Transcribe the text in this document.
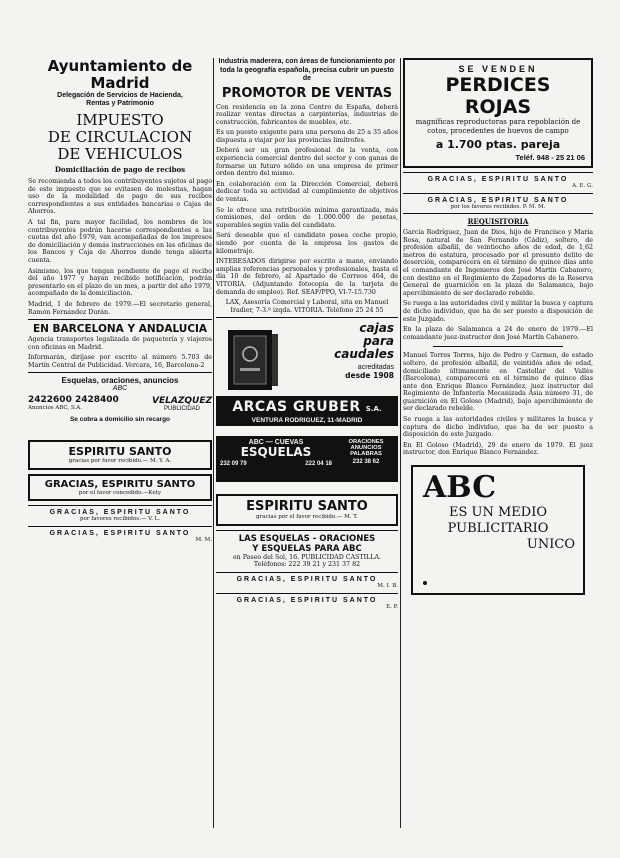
Ayuntamiento de Madrid
Delegación de Servicios de Hacienda,
Rentas y Patrimonio
IMPUESTO
DE CIRCULACION
DE VEHICULOS
Domiciliación de pago de recibos

Se recomienda a todos los contribuyentes sujetos al pago de este impuesto que se evitasen de molestias, hagan uso de la modalidad de pago de sus recibos correspondientes a sus entidades bancarias o Cajas de Ahorros.

A tal fin, para mayor facilidad, los nombres de los contribuyentes podrán hacerse correspondientes a las cuotas del año 1979, van acompañadas de los impresos de domiciliación y demás instrucciones en las oficinas de los Bancos y Caja de Ahorros donde tenga abierta cuenta.

Asimismo, los que tengan pendiente de pago el recibo del año 1977 y hayan recibido notificación, podrán presentarlo en el plazo de un mes, a partir del año 1979, acompañado de la domiciliación.

Madrid, 1 de febrero de 1979.—El secretario general, Ramón Fernández Durán.

EN BARCELONA Y ANDALUCIA

Agencia transportes legalizada de paquetería y viajeros con oficinas en Madrid.

Informarán, diríjase por escrito al número 5.703 de Martín Central de Publicidad. Vercara, 16, Barcelona-2

Esquelas, oraciones, anuncios
ABC
2422600 2428400
Anuncios ABC, S.A.
VELAZQUEZ
PUBLICIDAD
Se cobra a domicilio sin recargo
ESPIRITU SANTO
gracias por favor recibido.— M. Y. A.
GRACIAS, ESPIRITU SANTO
por el favor concedido.—Kety
GRACIAS, ESPIRITU SANTO
por favores recibidos.— V. L.
GRACIAS, ESPIRITU SANTO
M. M.
Industria maderera, con áreas de funcionamiento por toda la geografía española, precisa cubrir un puesto de
PROMOTOR DE VENTAS

Con residencia en la zona Centro de España, deberá realizar ventas directas a carpinterías, industrias de construcción, fabricantes de muebles, etc.

Es un puesto exigente para una persona de 25 a 35 años dispuesta a viajar por las provincias limítrofes.

Deberá ser un gran profesional de la venta, con experiencia comercial dentro del sector y con ganas de formarse un futuro sólido en una empresa de primer orden dentro del mismo.

En colaboración con la Dirección Comercial, deberá dedicar toda su actividad al cumplimiento de objetivos de ventas.

Se le ofrece una retribución mínima garantizada, más comisiones, del orden de 1.000.000 de pesetas, superables según valía del candidato.

Será deseable que el candidato posea coche propio, siendo por cuenta de la empresa los gastos de kilometraje.

INTERESADOS dirigirse por escrito a mano, enviando amplias referencias personales y profesionales, hasta el día 10 de febrero, al Apartado de Correos 464, de VITORIA. (Adjuntando fotocopia de la tarjeta de demanda de empleo). Ref. SEAF/PPO, VI-7-15.730

LAX, Asesoría Comercial y Laboral, sita en Manuel Iradier, 7-3.º izqda. VITORIA. Teléfono 25 24 55

cajas
para
caudales
acreditadas
desde 1908
ARCAS GRUBER S.A.
VENTURA RODRIGUEZ, 11-MADRID
ABC — CUEVAS
ESQUELAS
232 09 79	222 04 18
ORACIONES
ANUNCIOS
PALABRAS
232 38 62
ESPIRITU SANTO
gracias por el favor recibido.— M. T.
LAS ESQUELAS - ORACIONES
Y ESQUELAS PARA ABC

en Paseo del Sol, 16. PUBLICIDAD CASTILLA. Teléfonos: 222 39 21 y 231 37 82

GRACIAS, ESPIRITU SANTO
M. I. B.
GRACIAS, ESPIRITU SANTO
E. P.
SE VENDEN
PERDICES ROJAS

magníficas reproductoras para repoblación de cotos, procedentes de huevos de campo

a 1.700 ptas. pareja
Teléf. 948 - 25 21 06
GRACIAS, ESPIRITU SANTO
A. E. G.
GRACIAS, ESPIRITU SANTO
por los favores recibidos. P. M. M.
REQUISITORIA

García Rodríguez, Juan de Dios, hijo de Francisco y María Rosa, natural de San Fernando (Cádiz), soltero, de profesión albañil, de veintiocho años de edad, de 1,62 metros de estatura, procesado por el presunto delito de deserción, comparecerá en el término de quince días ante el comandante de Ingenieros don José Martín Cabanero, con destino en el Regimiento de Zapadores de la Reserva General de guarnición en la plaza de Salamanca, bajo apercibimiento de ser declarado rebelde.

Se ruega a las autoridades civil y militar la busca y captura de dicho individuo, que ha de ser puesto a disposición de este Juzgado.

En la plaza de Salamanca a 24 de enero de 1979.—El comandante juez-instructor don José Martín Cabanero.

Manuel Torres Torres, hijo de Pedro y Carmen, de estado soltero, de profesión albañil, de veintidós años de edad, domiciliado últimamente en Castellar del Vallès (Barcelona), comparecerá en el término de quince días ante don Enrique Blanco Fernández, juez instructor del Regimiento de Infantería Mecanizada Asia número 31, de guarnición en El Goloso (Madrid), bajo apercibimiento de ser declarado rebelde.

Se ruega a las autoridades civiles y militares la busca y captura de dicho individuo, que ha de ser puesto a disposición de este Juzgado.

En El Goloso (Madrid), 29 de enero de 1979. El juez instructor, don Enrique Blanco Fernández.

ABC
ES UN MEDIO
PUBLICITARIO
UNICO
